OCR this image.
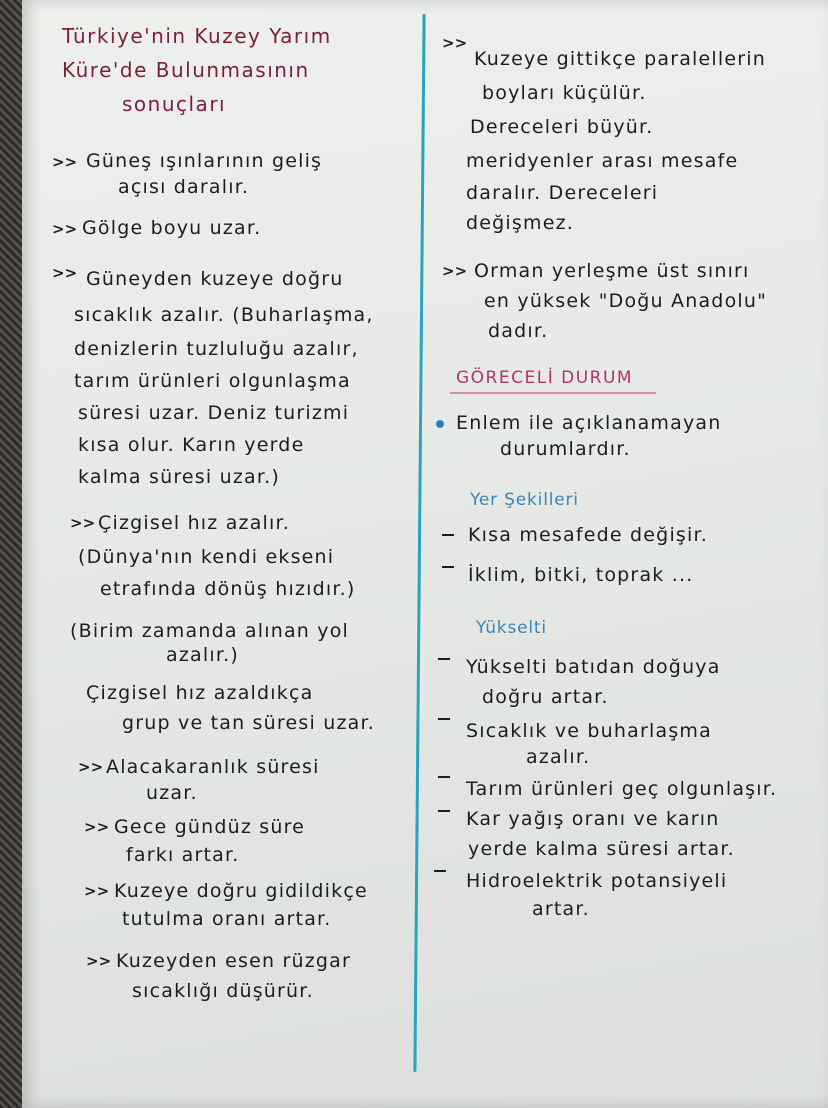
Türkiye'nin Kuzey Yarım
Küre'de Bulunmasının
sonuçları
>> Güneş ışınlarının geliş
açısı daralır.
>> Gölge boyu uzar.
>> Güneyden kuzeye doğru
sıcaklık azalır. (Buharlaşma,
denizlerin tuzluluğu azalır,
tarım ürünleri olgunlaşma
süresi uzar. Deniz turizmi
kısa olur. Karın yerde
kalma süresi uzar.)
>> Çizgisel hız azalır.
(Dünya'nın kendi ekseni
etrafında dönüş hızıdır.)
(Birim zamanda alınan yol
azalır.)
Çizgisel hız azaldıkça
grup ve tan süresi uzar.
>> Alacakaranlık süresi
uzar.
>> Gece gündüz süre
farkı artar.
>> Kuzeye doğru gidildikçe
tutulma oranı artar.
>> Kuzeyden esen rüzgar
sıcaklığı düşürür.
>>
Kuzeye gittikçe paralellerin
boyları küçülür.
Dereceleri büyür.
meridyenler arası mesafe
daralır. Dereceleri
değişmez.
>> Orman yerleşme üst sınırı
en yüksek "Doğu Anadolu"
dadır.
GÖRECELİ DURUM
Enlem ile açıklanamayan
durumlardır.
Yer Şekilleri
Kısa mesafede değişir.
İklim, bitki, toprak ...
Yükselti
Yükselti batıdan doğuya
doğru artar.
Sıcaklık ve buharlaşma
azalır.
Tarım ürünleri geç olgunlaşır.
Kar yağış oranı ve karın
yerde kalma süresi artar.
Hidroelektrik potansiyeli
artar.
